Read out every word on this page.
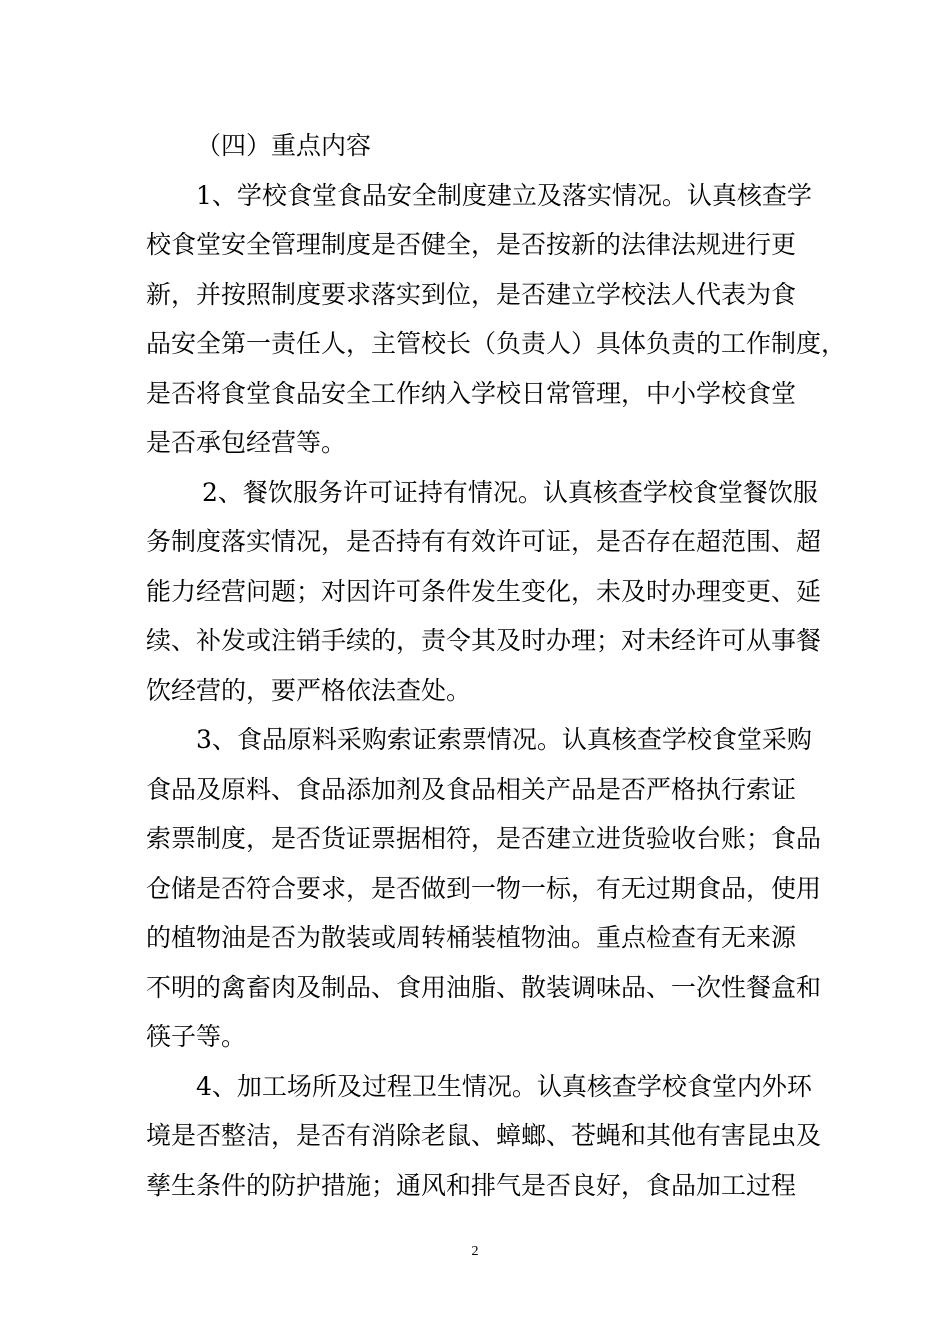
（四）重点内容
1、学校食堂食品安全制度建立及落实情况。认真核查学
校食堂安全管理制度是否健全，是否按新的法律法规进行更
新，并按照制度要求落实到位，是否建立学校法人代表为食
品安全第一责任人，主管校长（负责人）具体负责的工作制度，
是否将食堂食品安全工作纳入学校日常管理，中小学校食堂
是否承包经营等。
2、餐饮服务许可证持有情况。认真核查学校食堂餐饮服
务制度落实情况，是否持有有效许可证，是否存在超范围、超
能力经营问题；对因许可条件发生变化，未及时办理变更、延
续、补发或注销手续的，责令其及时办理；对未经许可从事餐
饮经营的，要严格依法查处。
3、食品原料采购索证索票情况。认真核查学校食堂采购
食品及原料、食品添加剂及食品相关产品是否严格执行索证
索票制度，是否货证票据相符，是否建立进货验收台账；食品
仓储是否符合要求，是否做到一物一标，有无过期食品，使用
的植物油是否为散装或周转桶装植物油。重点检查有无来源
不明的禽畜肉及制品、食用油脂、散装调味品、一次性餐盒和
筷子等。
4、加工场所及过程卫生情况。认真核查学校食堂内外环
境是否整洁，是否有消除老鼠、蟑螂、苍蝇和其他有害昆虫及
孳生条件的防护措施；通风和排气是否良好，食品加工过程
2
